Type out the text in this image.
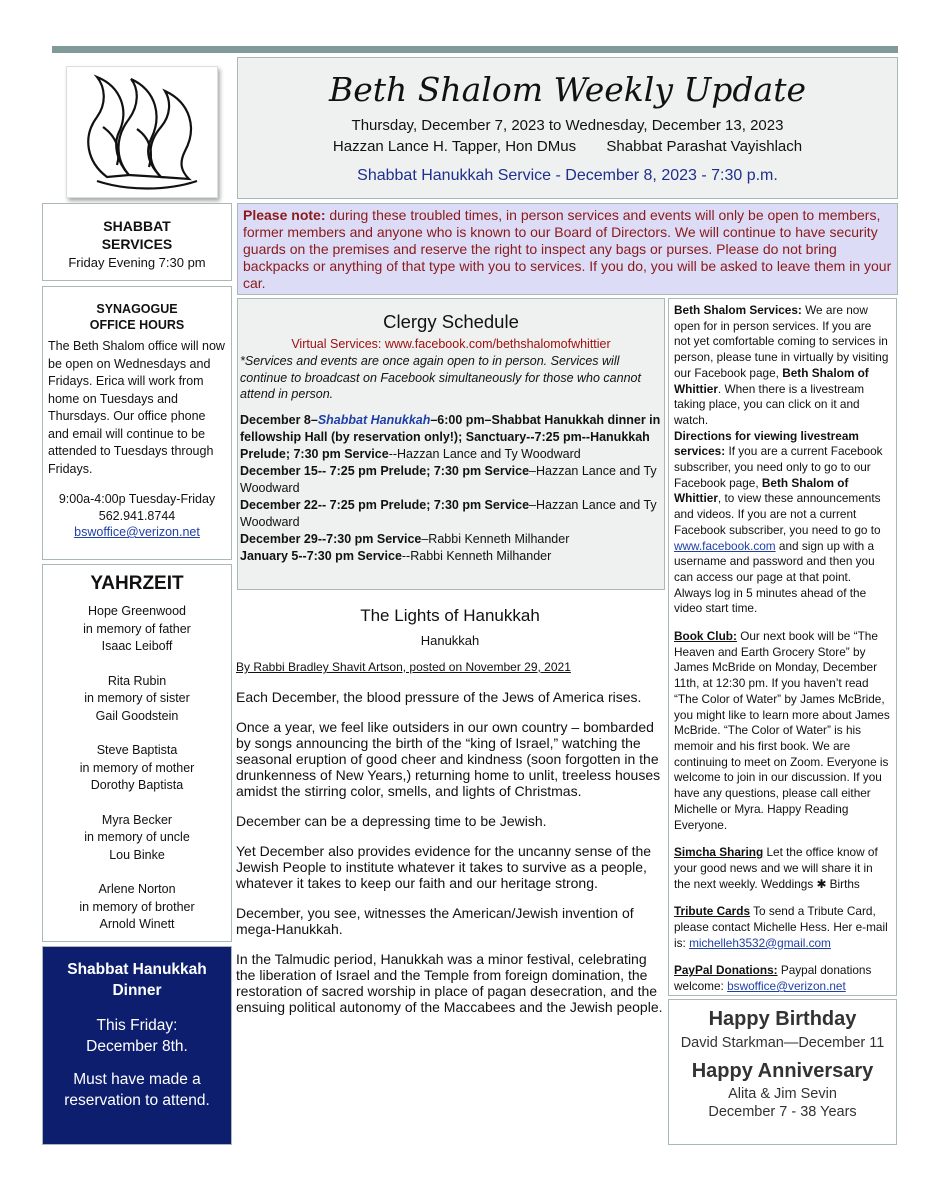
Beth Shalom Weekly Update
Thursday, December 7, 2023 to Wednesday, December 13, 2023
Hazzan Lance H. Tapper, Hon DMus Shabbat Parashat Vayishlach
Shabbat Hanukkah Service - December 8, 2023 - 7:30 p.m.
Please note: during these troubled times, in person services and events will only be open to members, former members and anyone who is known to our Board of Directors. We will continue to have security guards on the premises and reserve the right to inspect any bags or purses. Please do not bring backpacks or anything of that type with you to services. If you do, you will be asked to leave them in your car.
SHABBAT
SERVICES
Friday Evening 7:30 pm
SYNAGOGUE
OFFICE HOURS
The Beth Shalom office will now be open on Wednesdays and Fridays. Erica will work from home on Tuesdays and Thursdays. Our office phone and email will continue to be attended to Tuesdays through Fridays.
9:00a-4:00p Tuesday-Friday
562.941.8744
bswoffice@verizon.net
YAHRZEIT
Hope Greenwood
in memory of father
Isaac Leiboff
Rita Rubin
in memory of sister
Gail Goodstein
Steve Baptista
in memory of mother
Dorothy Baptista
Myra Becker
in memory of uncle
Lou Binke
Arlene Norton
in memory of brother
Arnold Winett
Shabbat Hanukkah Dinner
This Friday: December 8th.
Must have made a reservation to attend.
Clergy Schedule
Virtual Services: www.facebook.com/bethshalomofwhittier
*Services and events are once again open to in person. Services will continue to broadcast on Facebook simultaneously for those who cannot attend in person.
December 8–Shabbat Hanukkah–6:00 pm–Shabbat Hanukkah dinner in fellowship Hall (by reservation only!); Sanctuary--7:25 pm--Hanukkah Prelude; 7:30 pm Service--Hazzan Lance and Ty Woodward
December 15-- 7:25 pm Prelude; 7:30 pm Service–Hazzan Lance and Ty Woodward
December 22-- 7:25 pm Prelude; 7:30 pm Service–Hazzan Lance and Ty Woodward
December 29--7:30 pm Service–Rabbi Kenneth Milhander
January 5--7:30 pm Service--Rabbi Kenneth Milhander
The Lights of Hanukkah
Hanukkah
By Rabbi Bradley Shavit Artson, posted on November 29, 2021

Each December, the blood pressure of the Jews of America rises.

Once a year, we feel like outsiders in our own country – bombarded by songs announcing the birth of the “king of Israel,” watching the seasonal eruption of good cheer and kindness (soon forgotten in the drunkenness of New Years,) returning home to unlit, treeless houses amidst the stirring color, smells, and lights of Christmas.

December can be a depressing time to be Jewish.

Yet December also provides evidence for the uncanny sense of the Jewish People to institute whatever it takes to survive as a people, whatever it takes to keep our faith and our heritage strong.

December, you see, witnesses the American/Jewish invention of mega-Hanukkah.

In the Talmudic period, Hanukkah was a minor festival, celebrating the liberation of Israel and the Temple from foreign domination, the restoration of sacred worship in place of pagan desecration, and the ensuing political autonomy of the Maccabees and the Jewish people.

Beth Shalom Services: We are now open for in person services. If you are not yet comfortable coming to services in person, please tune in virtually by visiting our Facebook page, Beth Shalom of Whittier. When there is a livestream taking place, you can click on it and watch.

Directions for viewing livestream services: If you are a current Facebook subscriber, you need only to go to our Facebook page, Beth Shalom of Whittier, to view these announcements and videos. If you are not a current Facebook subscriber, you need to go to www.facebook.com and sign up with a username and password and then you can access our page at that point. Always log in 5 minutes ahead of the video start time.

Book Club: Our next book will be “The Heaven and Earth Grocery Store” by James McBride on Monday, December 11th, at 12:30 pm. If you haven’t read “The Color of Water” by James McBride, you might like to learn more about James McBride. “The Color of Water” is his memoir and his first book. We are continuing to meet on Zoom. Everyone is welcome to join in our discussion. If you have any questions, please call either Michelle or Myra. Happy Reading Everyone.

Simcha Sharing Let the office know of your good news and we will share it in the next weekly. Weddings ✱ Births

Tribute Cards To send a Tribute Card, please contact Michelle Hess. Her e-mail is: michelleh3532@gmail.com

PayPal Donations: Paypal donations welcome: bswoffice@verizon.net

Happy Birthday
David Starkman—December 11
Happy Anniversary
Alita & Jim Sevin
December 7 - 38 Years
